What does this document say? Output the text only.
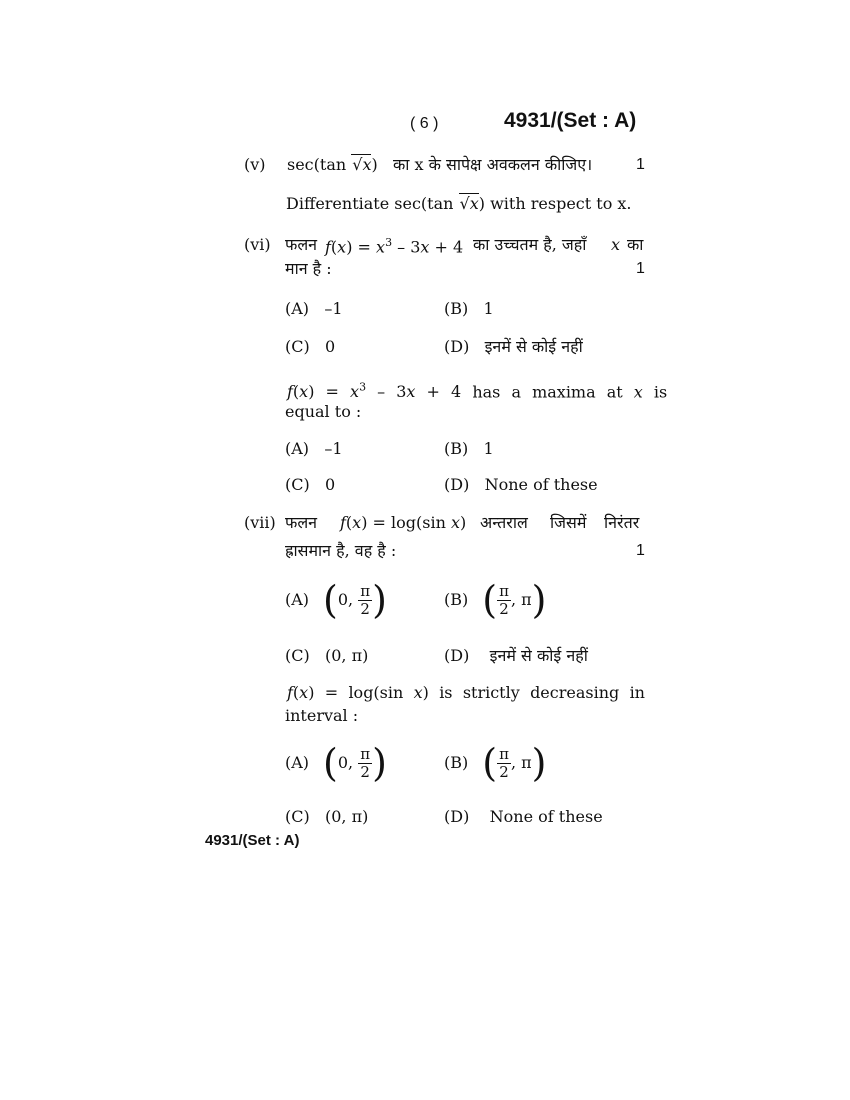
( 6 )	4931/(Set : A)
(v) sec(tan √x) का x के सापेक्ष अवकलन कीजिए।	1
Differentiate sec(tan √x) with respect to x.
(vi) फलन $f(x) = x^3 - 3x + 4$ का उच्चतम है, जहाँ x का
मान है :	1
(A) –1	(B) 1
(C) 0	(D) इनमें से कोई नहीं
$f(x) = x^3 - 3x + 4$ has a maxima at x is
equal to :
(A) –1	(B) 1
(C) 0	(D) None of these
(vii) फलन f(x) = log(sin x) अन्तराल जिसमें निरंतर
ह्रासमान है, वह है :	1
(A) ( 0, $\frac{\pi}{2}$ )	(B) ( $\frac{\pi}{2}$ , π )
(C) (0, π)	(D) इनमें से कोई नहीं
f(x) = log(sin x) is strictly decreasing in
interval :
(A) ( 0, $\frac{\pi}{2}$ )	(B) ( $\frac{\pi}{2}$ , π )
(C) (0, π)	(D) None of these
4931/(Set : A)
